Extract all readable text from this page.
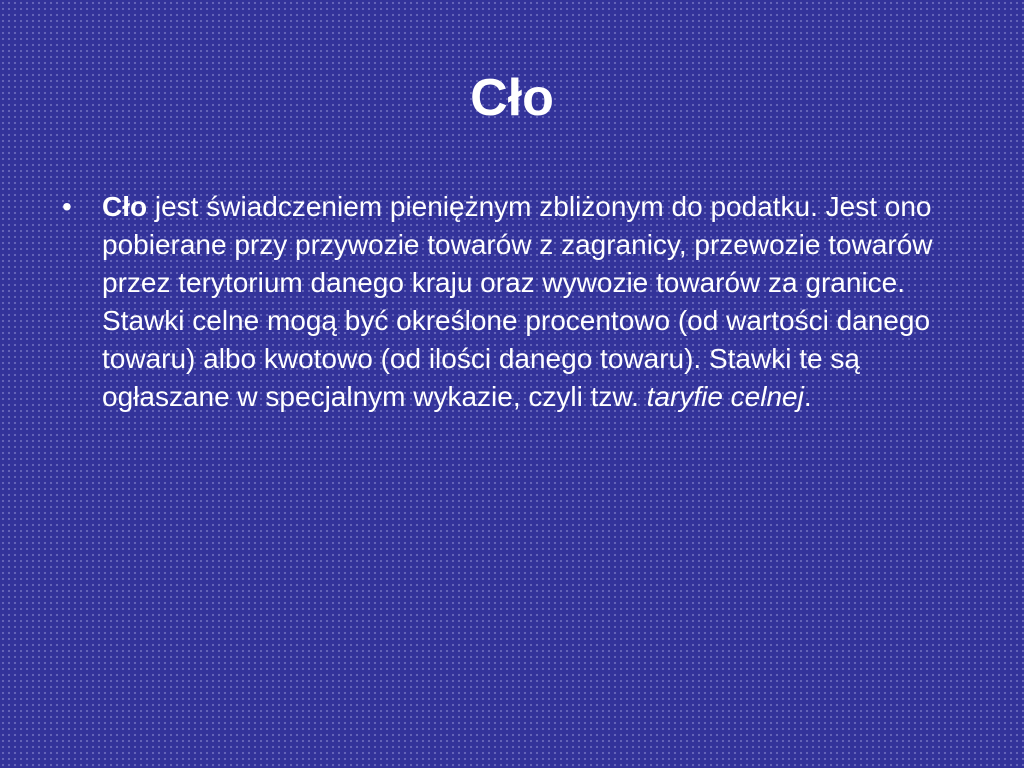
Cło
•	Cło jest świadczeniem pieniężnym zbliżonym do podatku. Jest ono pobierane przy przywozie towarów z zagranicy, przewozie towarów przez terytorium danego kraju oraz wywozie towarów za granice. Stawki celne mogą być określone procentowo (od wartości danego towaru) albo kwotowo (od ilości danego towaru). Stawki te są ogłaszane w specjalnym wykazie, czyli tzw. taryfie celnej.
